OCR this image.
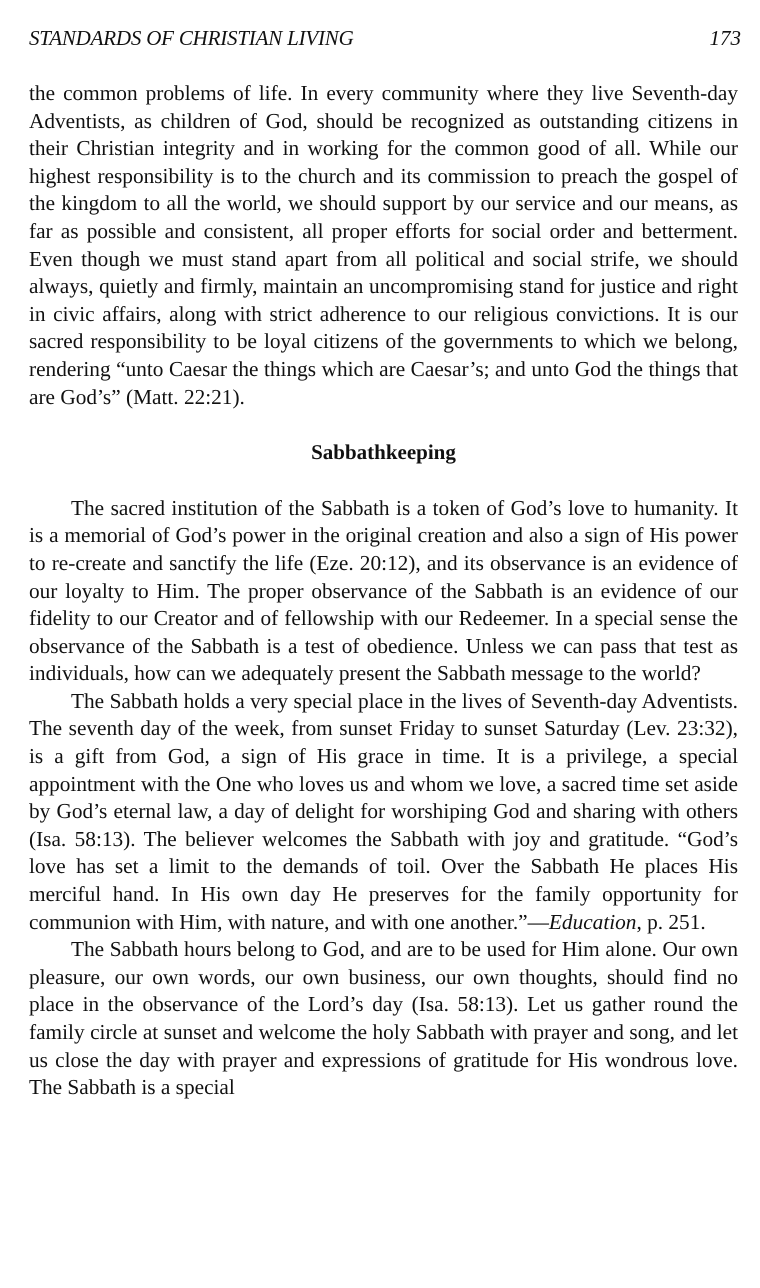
STANDARDS OF CHRISTIAN LIVING	173

the common problems of life. In every community where they live Seventh-day Adventists, as children of God, should be recognized as outstanding citizens in their Christian integrity and in working for the common good of all. While our highest responsibility is to the church and its commission to preach the gospel of the kingdom to all the world, we should support by our service and our means, as far as possible and consistent, all proper efforts for social order and betterment. Even though we must stand apart from all political and social strife, we should always, quietly and firmly, maintain an uncompromising stand for justice and right in civic affairs, along with strict adherence to our religious convictions. It is our sacred responsibility to be loyal citizens of the governments to which we belong, rendering “unto Caesar the things which are Caesar’s; and unto God the things that are God’s” (Matt. 22:21).

Sabbathkeeping

The sacred institution of the Sabbath is a token of God’s love to humanity. It is a memorial of God’s power in the original creation and also a sign of His power to re-create and sanctify the life (Eze. 20:12), and its observance is an evidence of our loyalty to Him. The proper observance of the Sabbath is an evidence of our fidelity to our Creator and of fellowship with our Redeemer. In a special sense the observance of the Sabbath is a test of obedience. Unless we can pass that test as individuals, how can we adequately present the Sabbath message to the world?

The Sabbath holds a very special place in the lives of Seventh-day Adventists. The seventh day of the week, from sunset Friday to sunset Saturday (Lev. 23:32), is a gift from God, a sign of His grace in time. It is a privilege, a special appointment with the One who loves us and whom we love, a sacred time set aside by God’s eternal law, a day of delight for worshiping God and sharing with others (Isa. 58:13). The believer welcomes the Sabbath with joy and gratitude. “God’s love has set a limit to the demands of toil. Over the Sabbath He places His merciful hand. In His own day He preserves for the family opportunity for communion with Him, with nature, and with one another.”—Education, p. 251.

The Sabbath hours belong to God, and are to be used for Him alone. Our own pleasure, our own words, our own business, our own thoughts, should find no place in the observance of the Lord’s day (Isa. 58:13). Let us gather round the family circle at sunset and welcome the holy Sabbath with prayer and song, and let us close the day with prayer and expressions of gratitude for His wondrous love. The Sabbath is a special
